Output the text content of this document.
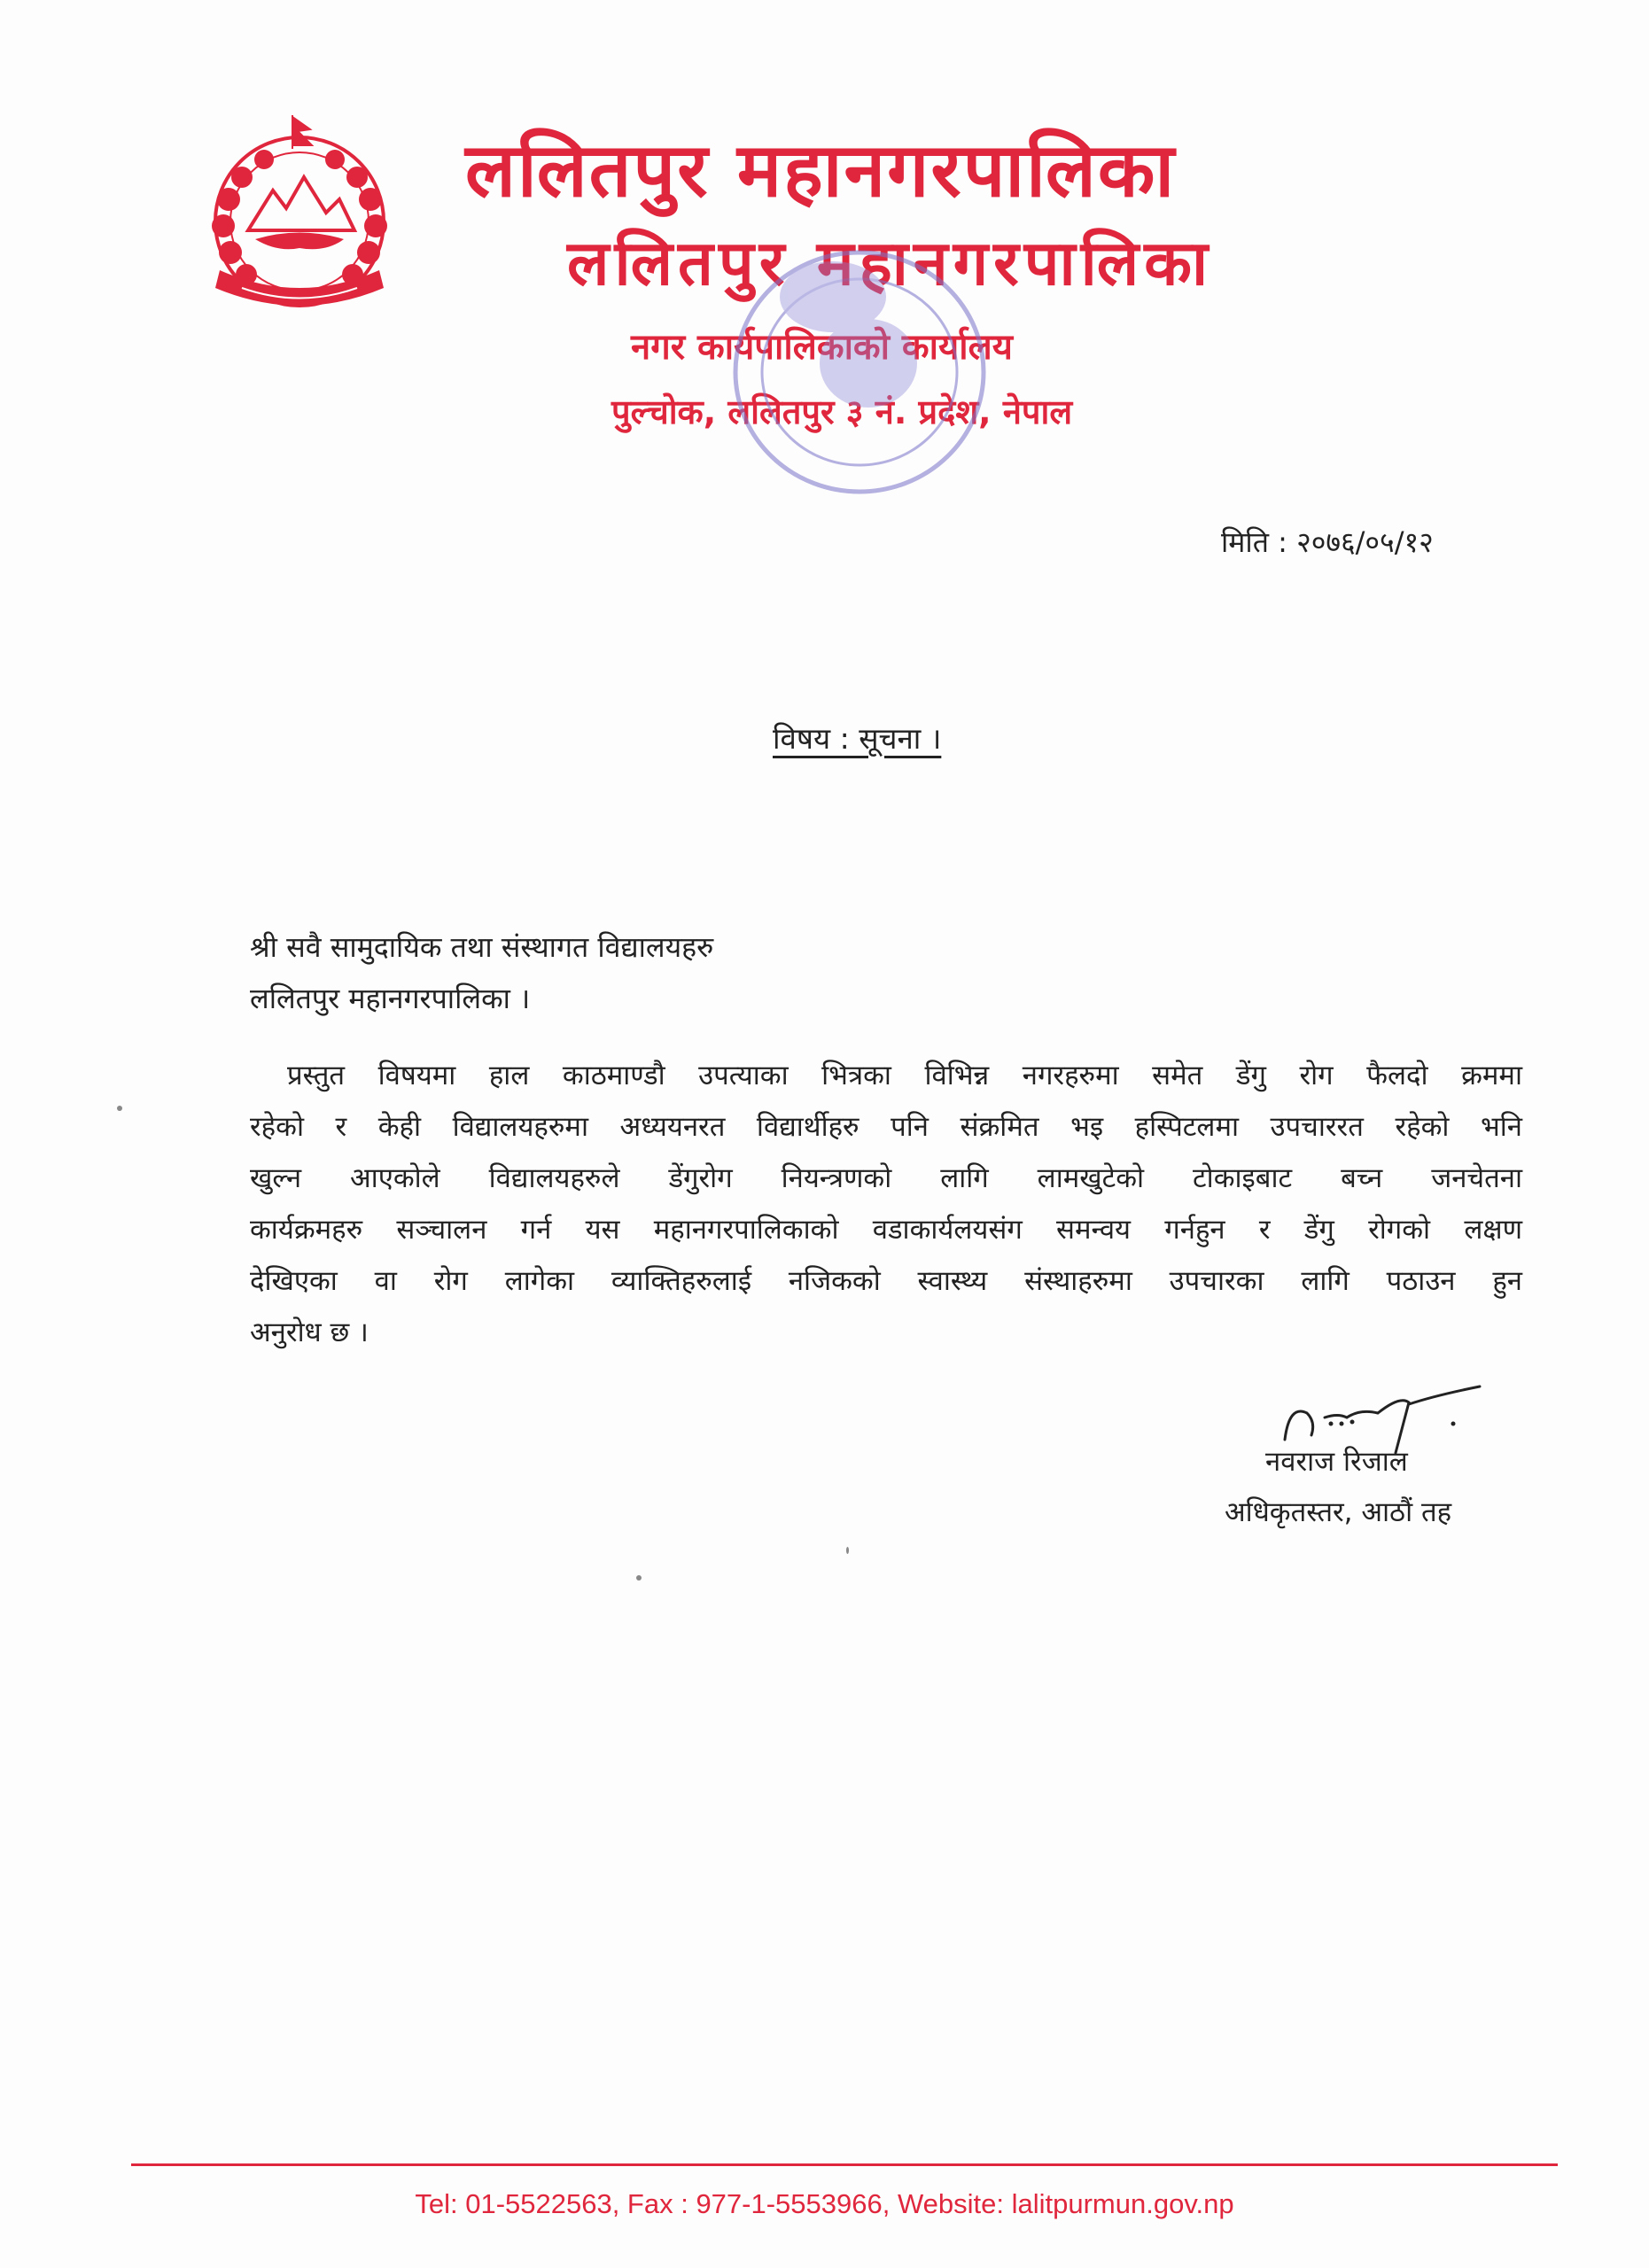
ललितपुर महानगरपालिका
ललितपुर महानगरपालिका
नगर कार्यपालिकाको कार्यालय
पुल्चोक, ललितपुर ३ नं. प्रदेश, नेपाल
मिति : २०७६/०५/१२
विषय : सूचना ।
श्री सवै सामुदायिक तथा संस्थागत विद्यालयहरु
ललितपुर महानगरपालिका ।
प्रस्तुत विषयमा हाल काठमाण्डौ उपत्याका भित्रका विभिन्न नगरहरुमा समेत डेंगु रोग फैलदो क्रममा
रहेको र केही विद्यालयहरुमा अध्ययनरत विद्यार्थीहरु पनि संक्रमित भइ हस्पिटलमा उपचाररत रहेको भनि
खुल्न आएकोले विद्यालयहरुले डेंगुरोग नियन्त्रणको लागि लामखुटेको टोकाइबाट बच्न जनचेतना
कार्यक्रमहरु सञ्चालन गर्न यस महानगरपालिकाको वडाकार्यलयसंग समन्वय गर्नहुन र डेंगु रोगको लक्षण
देखिएका वा रोग लागेका व्याक्तिहरुलाई नजिकको स्वास्थ्य संस्थाहरुमा उपचारका लागि पठाउन हुन
अनुरोध छ ।
नवराज रिजाल
अधिकृतस्तर, आठौं तह
Tel: 01-5522563, Fax : 977-1-5553966, Website: lalitpurmun.gov.np
